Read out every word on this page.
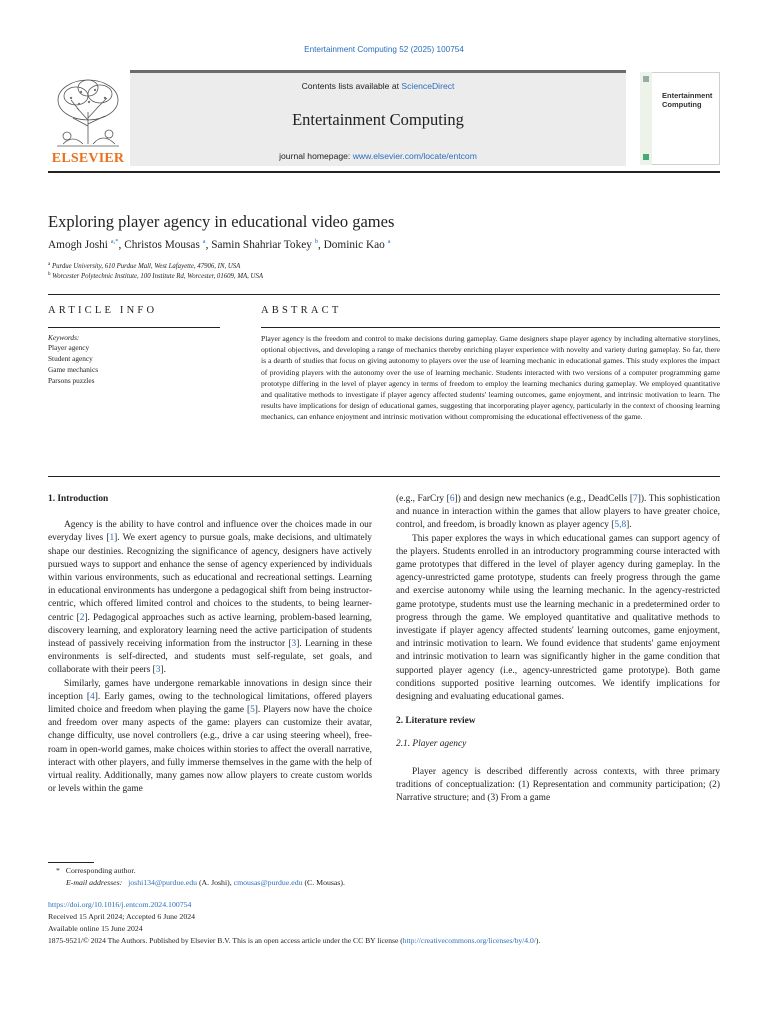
Entertainment Computing 52 (2025) 100754
ELSEVIER
Contents lists available at ScienceDirect
Entertainment Computing
journal homepage: www.elsevier.com/locate/entcom
Entertainment
Computing
Exploring player agency in educational video games
Amogh Joshi $^{a,*}$, Christos Mousas $^a$, Samin Shahriar Tokey $^b$, Dominic Kao $^a$
$^a$ Purdue University, 610 Purdue Mall, West Lafayette, 47906, IN, USA
$^b$ Worcester Polytechnic Institute, 100 Institute Rd, Worcester, 01609, MA, USA
ARTICLE INFO	ABSTRACT
Keywords:
Player agency
Student agency
Game mechanics
Parsons puzzles
Player agency is the freedom and control to make decisions during gameplay. Game designers shape player agency by including alternative storylines, optional objectives, and developing a range of mechanics thereby enriching player experience with novelty and variety during gameplay. So far, there is a dearth of studies that focus on giving autonomy to players over the use of learning mechanic in educational games. This study explores the impact of providing players with the autonomy over the use of learning mechanic. Students interacted with two versions of a computer programming game prototype differing in the level of player agency in terms of freedom to employ the learning mechanics during gameplay. We employed quantitative and qualitative methods to investigate if player agency affected students' learning outcomes, game enjoyment, and intrinsic motivation to learn. The results have implications for design of educational games, suggesting that incorporating player agency, particularly in the context of choosing learning mechanics, can enhance enjoyment and intrinsic motivation without compromising the educational effectiveness of the game.
1. Introduction

Agency is the ability to have control and influence over the choices made in our everyday lives [1]. We exert agency to pursue goals, make decisions, and ultimately shape our destinies. Recognizing the significance of agency, designers have actively pursued ways to support and enhance the sense of agency experienced by individuals within various environments, such as educational and recreational settings. Learning in educational environments has undergone a pedagogical shift from being instructor-centric, which offered limited control and choices to the students, to being learner-centric [2]. Pedagogical approaches such as active learning, problem-based learning, discovery learning, and exploratory learning need the active participation of students instead of passively receiving information from the instructor [3]. Learning in these environments is self-directed, and students must self-regulate, set goals, and collaborate with their peers [3].

Similarly, games have undergone remarkable innovations in design since their inception [4]. Early games, owing to the technological limitations, offered players limited choice and freedom when playing the game [5]. Players now have the choice and freedom over many aspects of the game: players can customize their avatar, change difficulty, use novel controllers (e.g., drive a car using steering wheel), free-roam in open-world games, make choices within stories to affect the overall narrative, interact with other players, and fully immerse themselves in the game with the help of virtual reality. Additionally, many games now allow players to create custom worlds or levels within the game

(e.g., FarCry [6]) and design new mechanics (e.g., DeadCells [7]). This sophistication and nuance in interaction within the games that allow players to have greater choice, control, and freedom, is broadly known as player agency [5,8].

This paper explores the ways in which educational games can support agency of the players. Students enrolled in an introductory programming course interacted with game prototypes that differed in the level of player agency during gameplay. In the agency-unrestricted game prototype, students can freely progress through the game and exercise autonomy while using the learning mechanic. In the agency-restricted game prototype, students must use the learning mechanic in a predetermined order to progress through the game. We employed quantitative and qualitative methods to investigate if player agency affected students' learning outcomes, game enjoyment, and intrinsic motivation to learn. We found evidence that students' game enjoyment and intrinsic motivation to learn was significantly higher in the game condition that supported player agency (i.e., agency-unrestricted game prototype). Both game conditions supported positive learning outcomes. We identify implications for designing and evaluating educational games.

2. Literature review
2.1. Player agency

Player agency is described differently across contexts, with three primary traditions of conceptualization: (1) Representation and community participation; (2) Narrative structure; and (3) From a game

* Corresponding author.
E-mail addresses: joshi134@purdue.edu (A. Joshi), cmousas@purdue.edu (C. Mousas).
https://doi.org/10.1016/j.entcom.2024.100754
Received 15 April 2024; Accepted 6 June 2024
Available online 15 June 2024
1875-9521/© 2024 The Authors. Published by Elsevier B.V. This is an open access article under the CC BY license (http://creativecommons.org/licenses/by/4.0/).
